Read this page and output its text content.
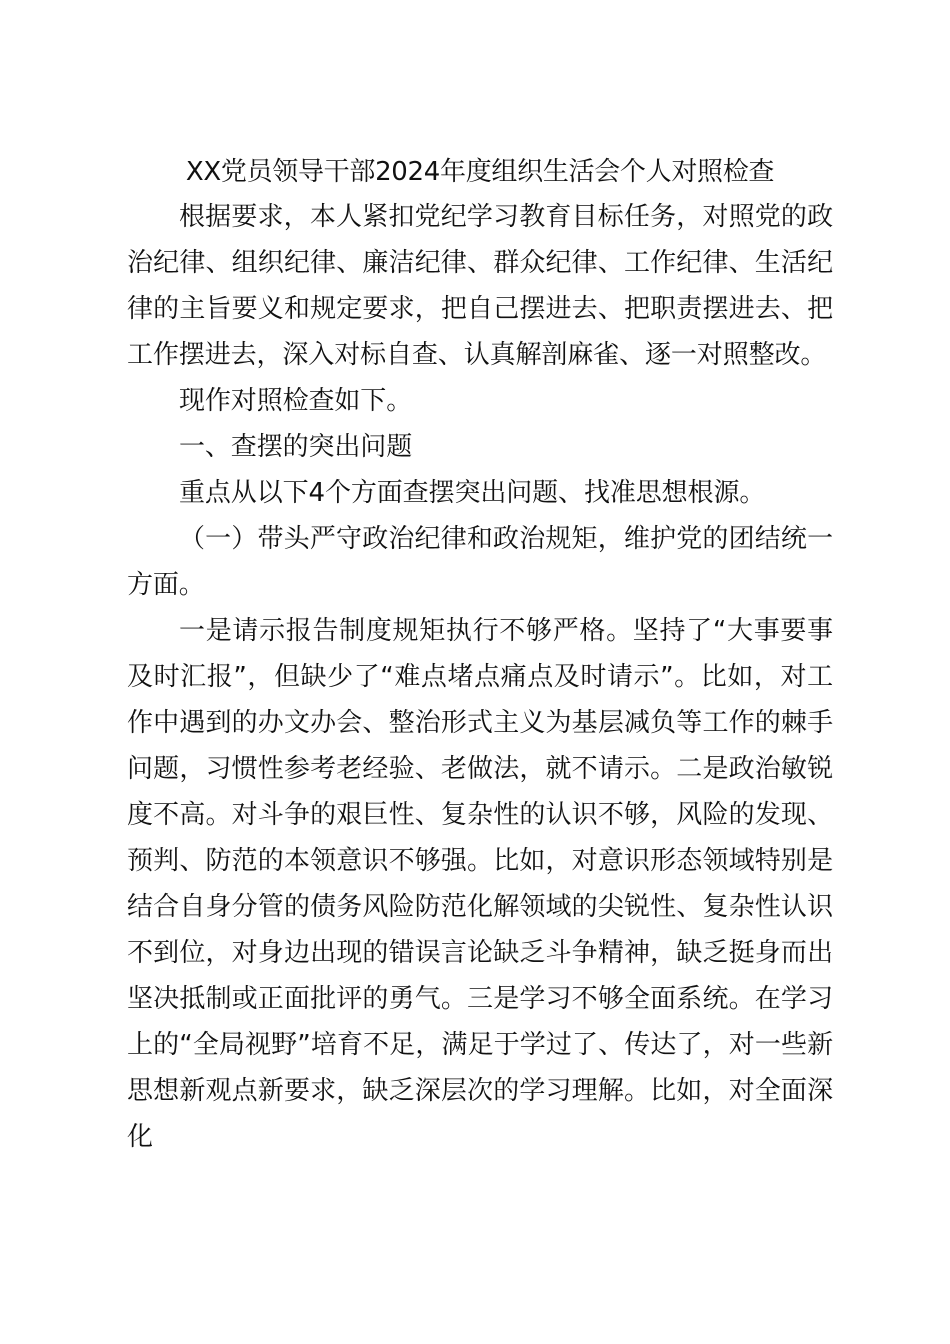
XX党员领导干部2024年度组织生活会个人对照检查

根据要求，本人紧扣党纪学习教育目标任务，对照党的政治纪律、组织纪律、廉洁纪律、群众纪律、工作纪律、生活纪律的主旨要义和规定要求，把自己摆进去、把职责摆进去、把工作摆进去，深入对标自查、认真解剖麻雀、逐一对照整改。

现作对照检查如下。

一、查摆的突出问题

重点从以下4个方面查摆突出问题、找准思想根源。

（一）带头严守政治纪律和政治规矩，维护党的团结统一方面。

一是请示报告制度规矩执行不够严格。坚持了“大事要事及时汇报”，但缺少了“难点堵点痛点及时请示”。比如，对工作中遇到的办文办会、整治形式主义为基层减负等工作的棘手问题，习惯性参考老经验、老做法，就不请示。二是政治敏锐度不高。对斗争的艰巨性、复杂性的认识不够，风险的发现、预判、防范的本领意识不够强。比如，对意识形态领域特别是结合自身分管的债务风险防范化解领域的尖锐性、复杂性认识不到位，对身边出现的错误言论缺乏斗争精神，缺乏挺身而出坚决抵制或正面批评的勇气。三是学习不够全面系统。在学习上的“全局视野”培育不足，满足于学过了、传达了，对一些新思想新观点新要求，缺乏深层次的学习理解。比如，对全面深化
